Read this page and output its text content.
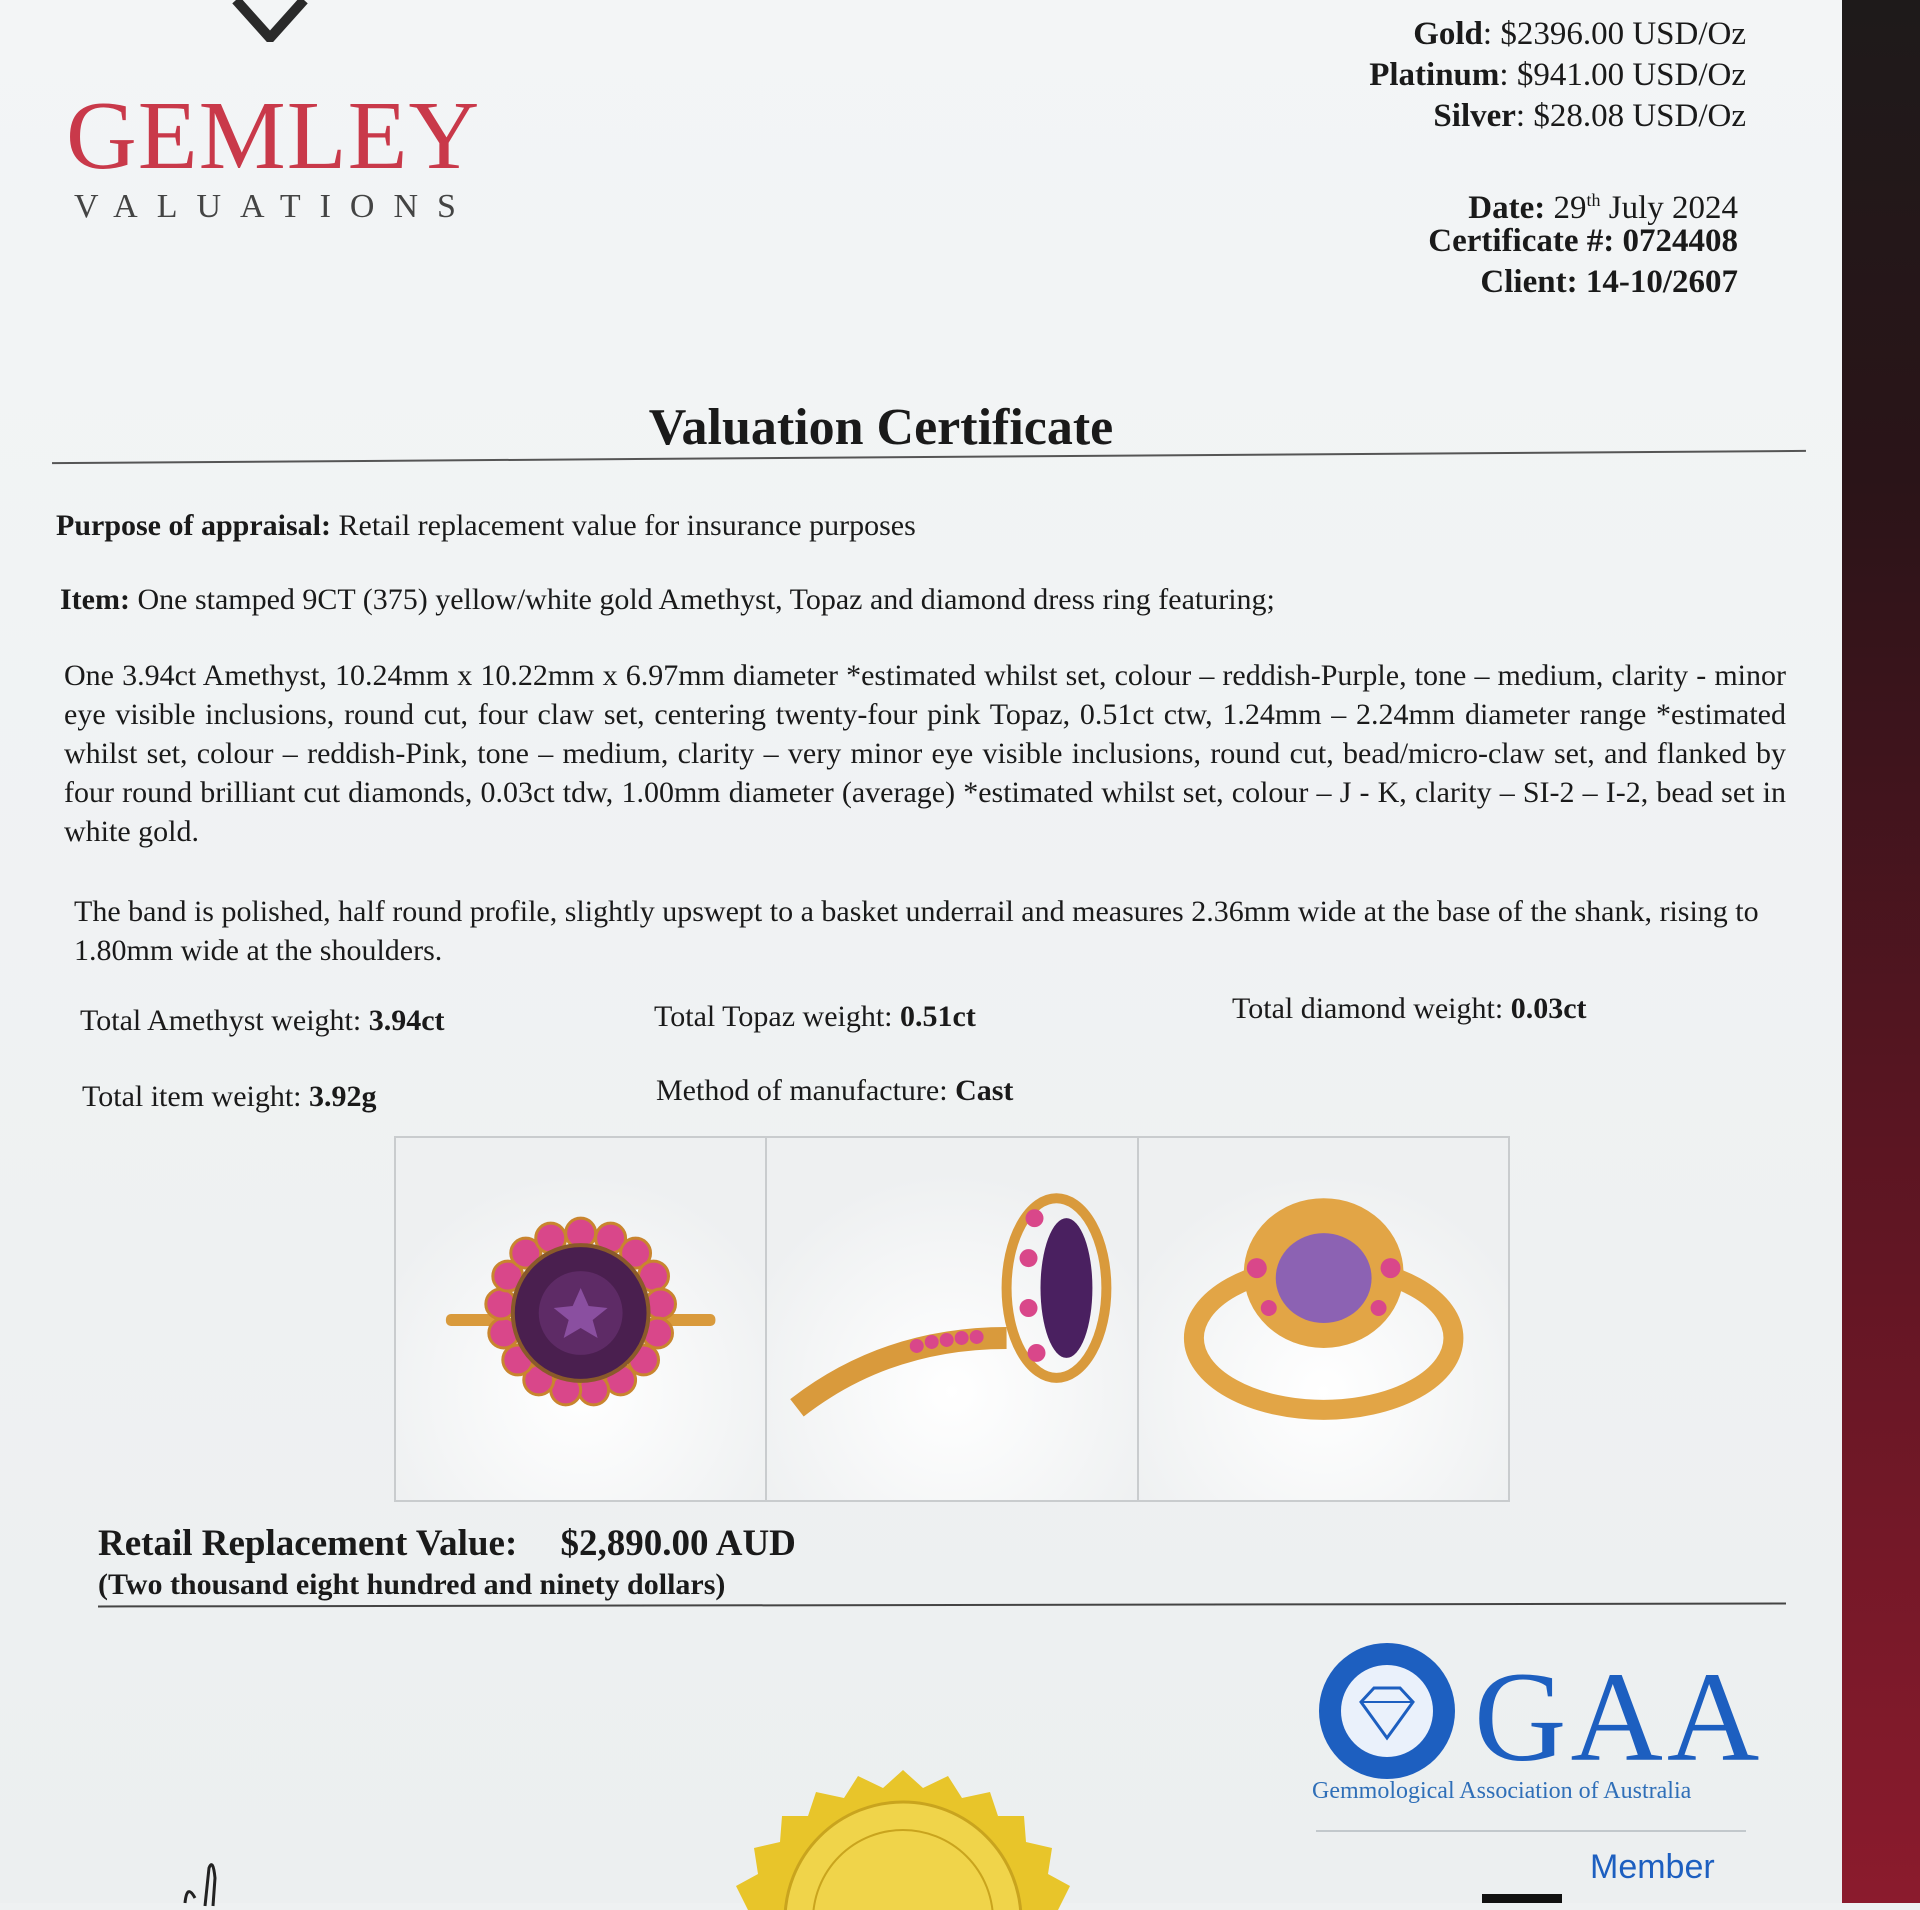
GEMLEY
VALUATIONS
Gold: $2396.00 USD/Oz
Platinum: $941.00 USD/Oz
Silver: $28.08 USD/Oz
Date: 29th July 2024
Certificate #: 0724408
Client: 14-10/2607
Valuation Certificate
Purpose of appraisal: Retail replacement value for insurance purposes
Item: One stamped 9CT (375) yellow/white gold Amethyst, Topaz and diamond dress ring featuring;
One 3.94ct Amethyst, 10.24mm x 10.22mm x 6.97mm diameter *estimated whilst set, colour – reddish-Purple, tone – medium, clarity - minor eye visible inclusions, round cut, four claw set, centering twenty-four pink Topaz, 0.51ct ctw, 1.24mm – 2.24mm diameter range *estimated whilst set, colour – reddish-Pink, tone – medium, clarity – very minor eye visible inclusions, round cut, bead/micro-claw set, and flanked by four round brilliant cut diamonds, 0.03ct tdw, 1.00mm diameter (average) *estimated whilst set, colour – J - K, clarity – SI-2 – I-2, bead set in white gold.
The band is polished, half round profile, slightly upswept to a basket underrail and measures 2.36mm wide at the base of the shank, rising to 1.80mm wide at the shoulders.
Total Amethyst weight: 3.94ct	Total Topaz weight: 0.51ct	Total diamond weight: 0.03ct
Total item weight: 3.92g	Method of manufacture: Cast
Retail Replacement Value: $2,890.00 AUD
(Two thousand eight hundred and ninety dollars)
GAA
Gemmological Association of Australia
Member
